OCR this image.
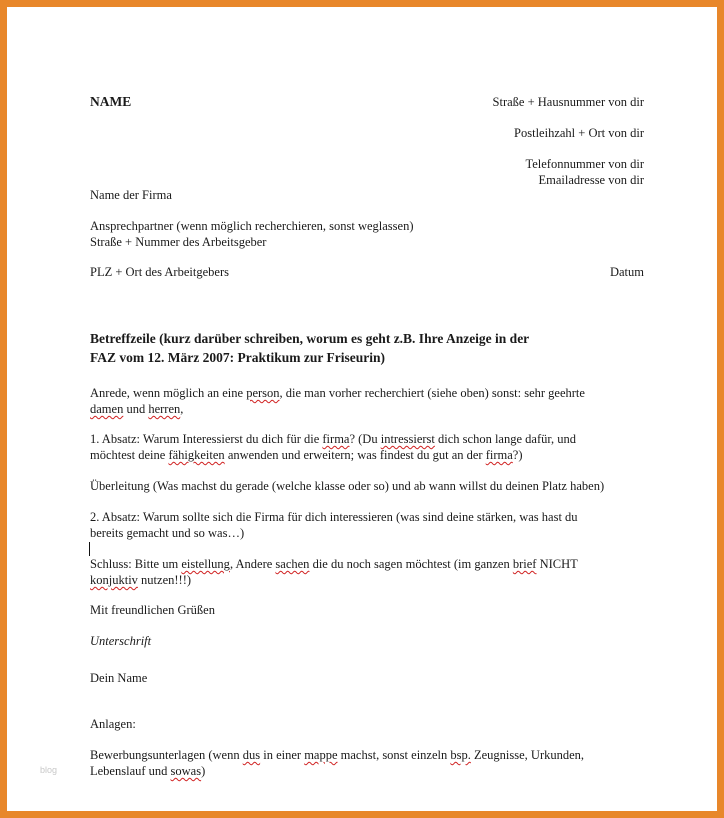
NAME	Straße + Hausnummer von dir
Postleihzahl + Ort von dir
Telefonnummer von dir
Emailadresse von dir
Name der Firma
Ansprechpartner (wenn möglich recherchieren, sonst weglassen)
Straße + Nummer des Arbeitsgeber
PLZ + Ort des Arbeitgebers	Datum
Betreffzeile (kurz darüber schreiben, worum es geht z.B. Ihre Anzeige in der
FAZ vom 12. März 2007: Praktikum zur Friseurin)
Anrede, wenn möglich an eine person, die man vorher recherchiert (siehe oben) sonst: sehr geehrte
damen und herren,
1. Absatz: Warum Interessierst du dich für die firma? (Du intressierst dich schon lange dafür, und
möchtest deine fähigkeiten anwenden und erweitern; was findest du gut an der firma?)
Überleitung (Was machst du gerade (welche klasse oder so) und ab wann willst du deinen Platz haben)
2. Absatz: Warum sollte sich die Firma für dich interessieren (was sind deine stärken, was hast du
bereits gemacht und so was…)
Schluss: Bitte um eistellung, Andere sachen die du noch sagen möchtest (im ganzen brief NICHT
konjuktiv nutzen!!!)
Mit freundlichen Grüßen
Unterschrift
Dein Name
Anlagen:
Bewerbungsunterlagen (wenn dus in einer mappe machst, sonst einzeln bsp. Zeugnisse, Urkunden,
Lebenslauf und sowas)
blog
